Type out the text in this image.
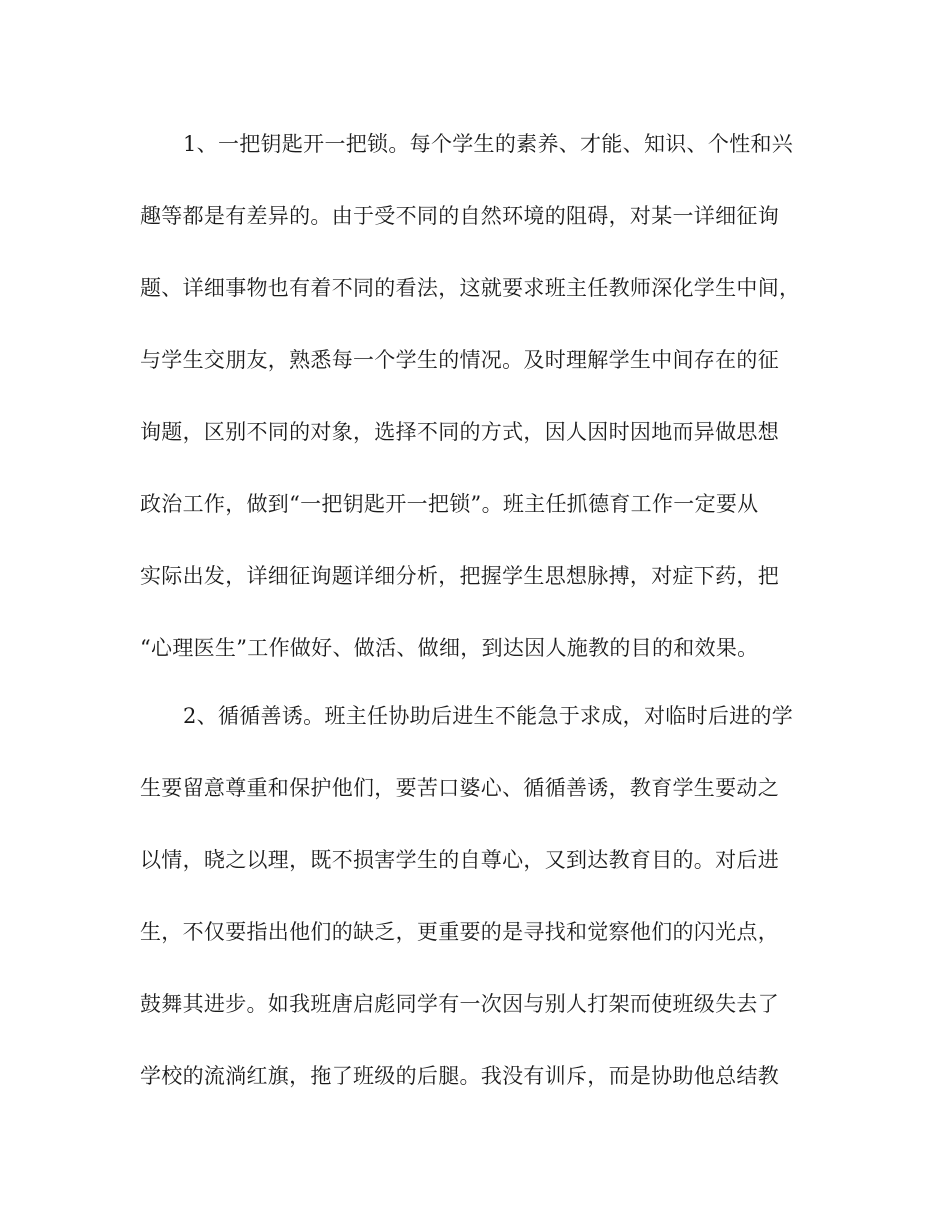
1、一把钥匙开一把锁。每个学生的素养、才能、知识、个性和兴
趣等都是有差异的。由于受不同的自然环境的阻碍，对某一详细征询
题、详细事物也有着不同的看法，这就要求班主任教师深化学生中间，
与学生交朋友，熟悉每一个学生的情况。及时理解学生中间存在的征
询题，区别不同的对象，选择不同的方式，因人因时因地而异做思想
政治工作，做到“一把钥匙开一把锁”。班主任抓德育工作一定要从
实际出发，详细征询题详细分析，把握学生思想脉搏，对症下药，把
“心理医生”工作做好、做活、做细，到达因人施教的目的和效果。
2、循循善诱。班主任协助后进生不能急于求成，对临时后进的学
生要留意尊重和保护他们，要苦口婆心、循循善诱，教育学生要动之
以情，晓之以理，既不损害学生的自尊心，又到达教育目的。对后进
生，不仅要指出他们的缺乏，更重要的是寻找和觉察他们的闪光点，
鼓舞其进步。如我班唐启彪同学有一次因与别人打架而使班级失去了
学校的流淌红旗，拖了班级的后腿。我没有训斥，而是协助他总结教
